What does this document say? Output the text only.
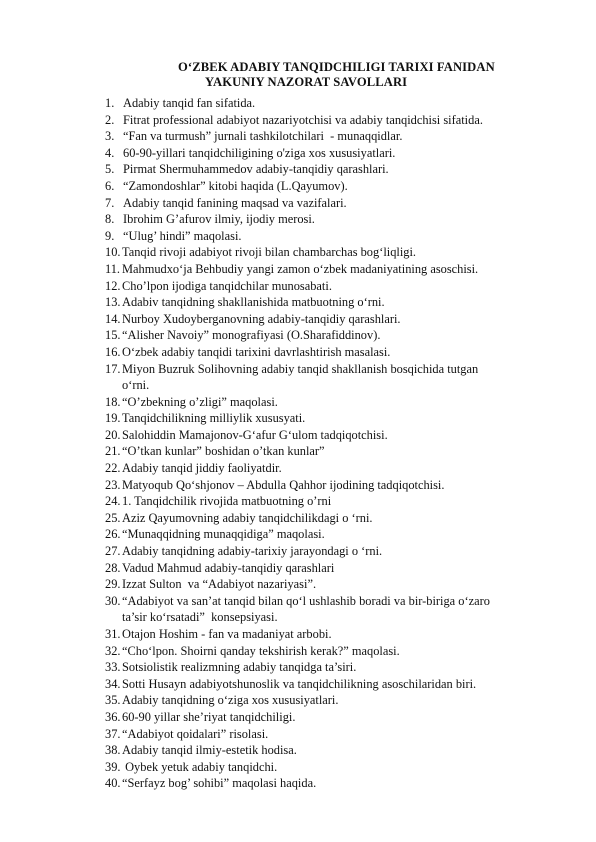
O‘ZBEK ADABIY TANQIDCHILIGI TARIXI FANIDAN
YAKUNIY NAZORAT SAVOLLARI
1. Adabiy tanqid fan sifatida.
2. Fitrat professional adabiyot nazariyotchisi va adabiy tanqidchisi sifatida.
3. “Fan va turmush” jurnali tashkilotchilari  - munaqqidlar.
4. 60-90-yillari tanqidchiligining o'ziga xos xususiyatlari.
5. Pirmat Shermuhammedov adabiy-tanqidiy qarashlari.
6. “Zamondoshlar” kitobi haqida (L.Qayumov).
7. Adabiy tanqid fanining maqsad va vazifalari.
8. Ibrohim G’afurov ilmiy, ijodiy merosi.
9. “Ulug’ hindi” maqolasi.
10. Tanqid rivoji adabiyot rivoji bilan chambarchas bog‘liqligi.
11. Mahmudxo‘ja Behbudiy yangi zamon o‘zbek madaniyatining asoschisi.
12. Cho’lpon ijodiga tanqidchilar munosabati.
13. Adabiv tanqidning shakllanishida matbuotning o‘rni.
14. Nurboy Xudoyberganovning adabiy-tanqidiy qarashlari.
15. “Alisher Navoiy” monografiyasi (O.Sharafiddinov).
16. O‘zbek adabiy tanqidi tarixini davrlashtirish masalasi.
17. Miyon Buzruk Solihovning adabiy tanqid shakllanish bosqichida tutgan
o‘rni.
18. “O’zbekning o’zligi” maqolasi.
19. Tanqidchilikning milliylik xususyati.
20. Salohiddin Mamajonov-G‘afur G‘ulom tadqiqotchisi.
21. “O’tkan kunlar” boshidan o’tkan kunlar”
22. Adabiy tanqid jiddiy faoliyatdir.
23. Matyoqub Qo‘shjonov – Abdulla Qahhor ijodining tadqiqotchisi.
24. 1. Tanqidchilik rivojida matbuotning o’rni
25. Aziz Qayumovning adabiy tanqidchilikdagi o ‘rni.
26. “Munaqqidning munaqqidiga” maqolasi.
27. Adabiy tanqidning adabiy-tarixiy jarayondagi o ‘rni.
28. Vadud Mahmud adabiy-tanqidiy qarashlari
29. Izzat Sulton  va “Adabiyot nazariyasi”.
30. “Adabiyot va san’at tanqid bilan qo‘l ushlashib boradi va bir-biriga o‘zaro
ta’sir ko‘rsatadi”  konsepsiyasi.
31. Otajon Hoshim - fan va madaniyat arbobi.
32. “Cho‘lpon. Shoirni qanday tekshirish kerak?” maqolasi.
33. Sotsiolistik realizmning adabiy tanqidga ta’siri.
34. Sotti Husayn adabiyotshunoslik va tanqidchilikning asoschilaridan biri.
35. Adabiy tanqidning o‘ziga xos xususiyatlari.
36. 60-90 yillar she’riyat tanqidchiligi.
37. “Adabiyot qoidalari” risolasi.
38. Adabiy tanqid ilmiy-estetik hodisa.
39. Oybek yetuk adabiy tanqidchi.
40. “Serfayz bog’ sohibi” maqolasi haqida.
